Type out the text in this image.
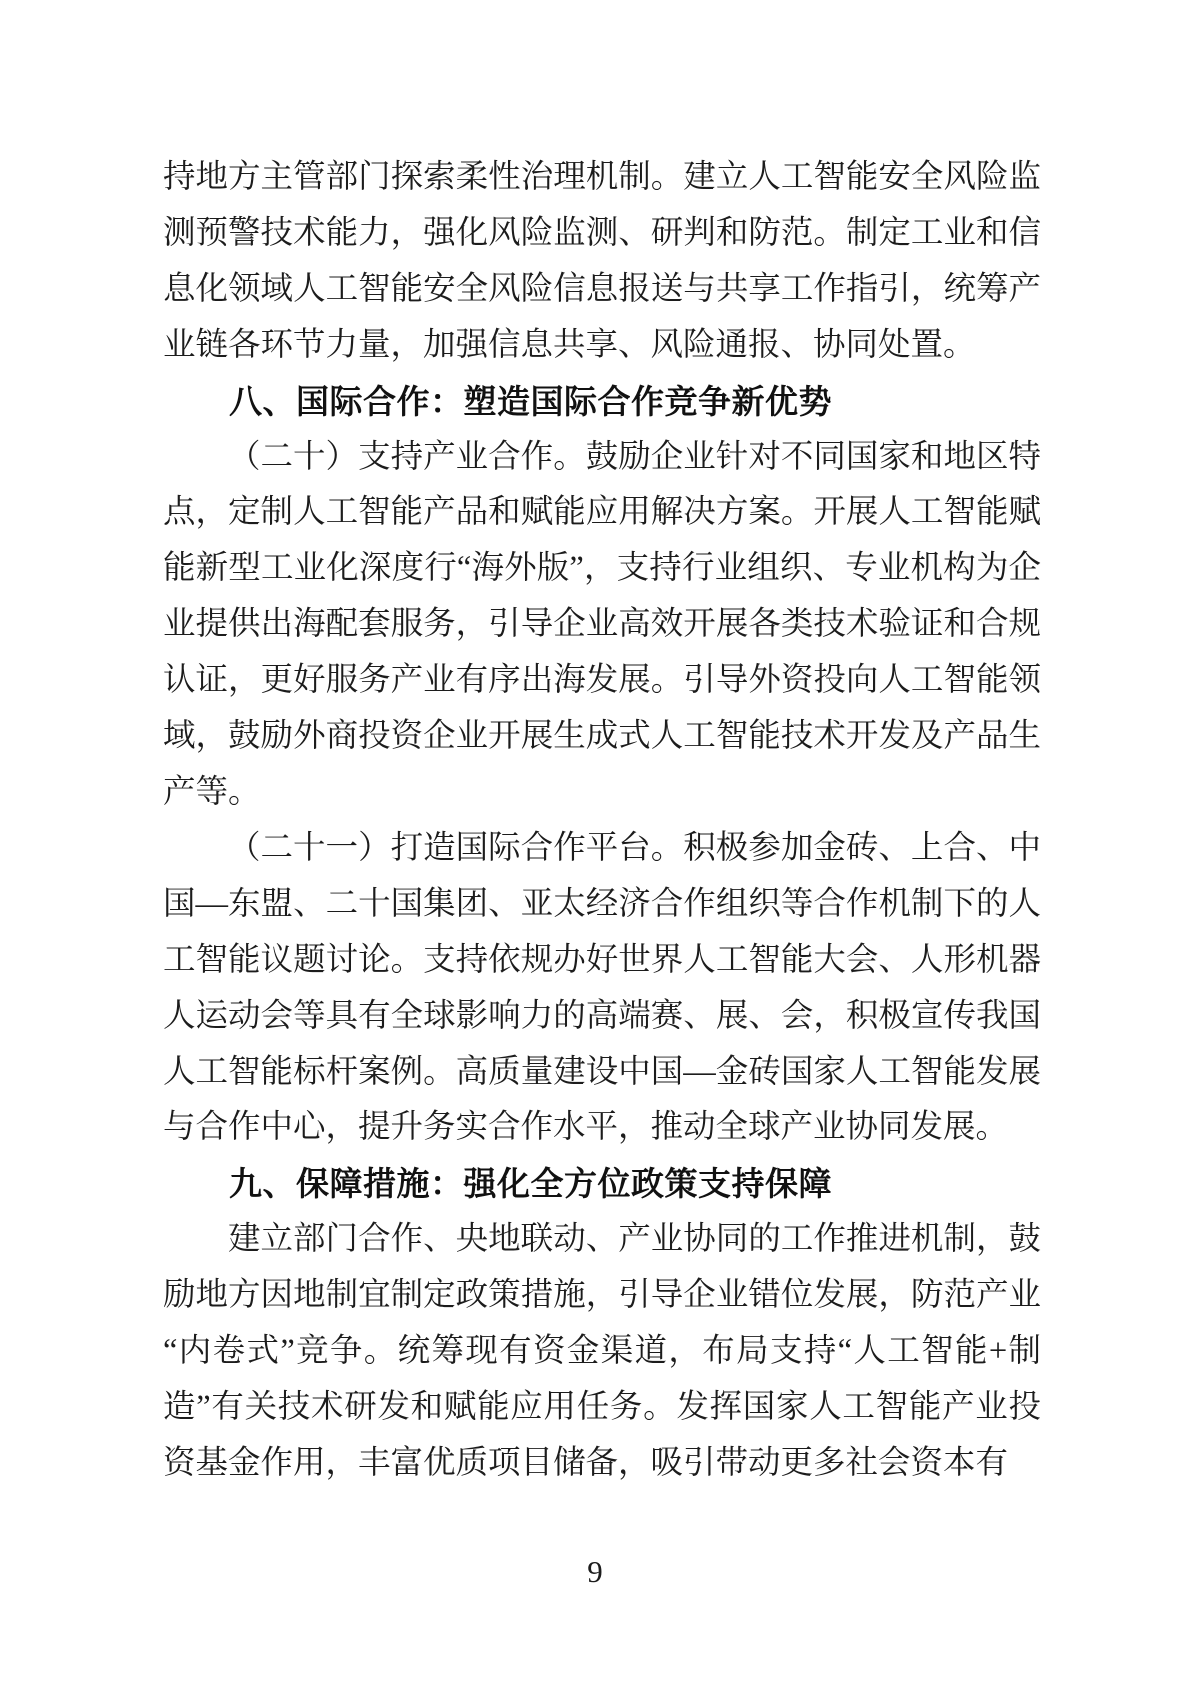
持地方主管部门探索柔性治理机制。建立人工智能安全风险监测预警技术能力，强化风险监测、研判和防范。制定工业和信息化领域人工智能安全风险信息报送与共享工作指引，统筹产业链各环节力量，加强信息共享、风险通报、协同处置。

八、国际合作：塑造国际合作竞争新优势

（二十）支持产业合作。鼓励企业针对不同国家和地区特点，定制人工智能产品和赋能应用解决方案。开展人工智能赋能新型工业化深度行“海外版”，支持行业组织、专业机构为企业提供出海配套服务，引导企业高效开展各类技术验证和合规认证，更好服务产业有序出海发展。引导外资投向人工智能领域，鼓励外商投资企业开展生成式人工智能技术开发及产品生产等。

（二十一）打造国际合作平台。积极参加金砖、上合、中国—东盟、二十国集团、亚太经济合作组织等合作机制下的人工智能议题讨论。支持依规办好世界人工智能大会、人形机器人运动会等具有全球影响力的高端赛、展、会，积极宣传我国人工智能标杆案例。高质量建设中国—金砖国家人工智能发展与合作中心，提升务实合作水平，推动全球产业协同发展。

九、保障措施：强化全方位政策支持保障

建立部门合作、央地联动、产业协同的工作推进机制，鼓励地方因地制宜制定政策措施，引导企业错位发展，防范产业“内卷式”竞争。统筹现有资金渠道，布局支持“人工智能+制造”有关技术研发和赋能应用任务。发挥国家人工智能产业投资基金作用，丰富优质项目储备，吸引带动更多社会资本有

9
